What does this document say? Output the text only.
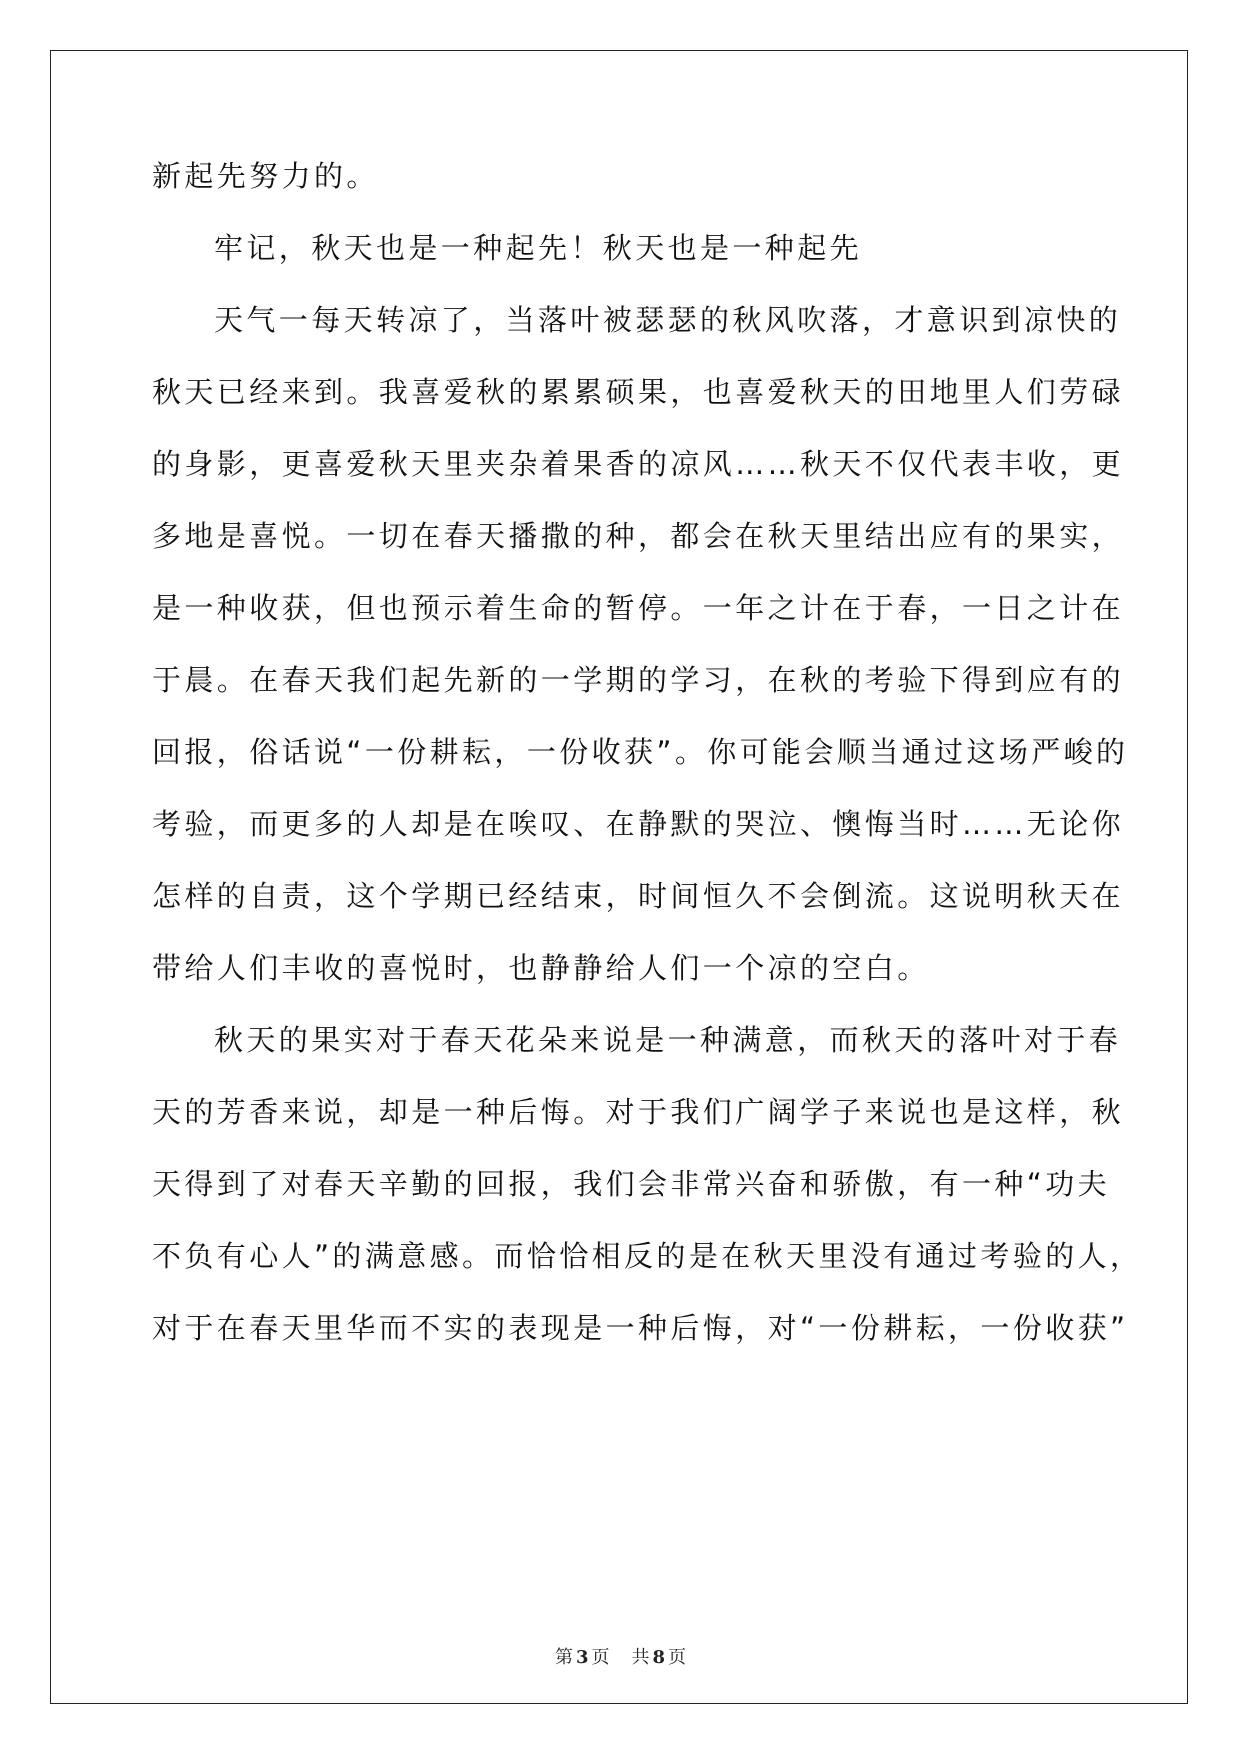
新起先努力的。
牢记，秋天也是一种起先！秋天也是一种起先
天气一每天转凉了，当落叶被瑟瑟的秋风吹落，才意识到凉快的
秋天已经来到。我喜爱秋的累累硕果，也喜爱秋天的田地里人们劳碌
的身影，更喜爱秋天里夹杂着果香的凉风……秋天不仅代表丰收，更
多地是喜悦。一切在春天播撒的种，都会在秋天里结出应有的果实，
是一种收获，但也预示着生命的暂停。一年之计在于春，一日之计在
于晨。在春天我们起先新的一学期的学习，在秋的考验下得到应有的
回报，俗话说“一份耕耘，一份收获”。你可能会顺当通过这场严峻的
考验，而更多的人却是在唉叹、在静默的哭泣、懊悔当时……无论你
怎样的自责，这个学期已经结束，时间恒久不会倒流。这说明秋天在
带给人们丰收的喜悦时，也静静给人们一个凉的空白。
秋天的果实对于春天花朵来说是一种满意，而秋天的落叶对于春
天的芳香来说，却是一种后悔。对于我们广阔学子来说也是这样，秋
天得到了对春天辛勤的回报，我们会非常兴奋和骄傲，有一种“功夫
不负有心人”的满意感。而恰恰相反的是在秋天里没有通过考验的人，
对于在春天里华而不实的表现是一种后悔，对“一份耕耘，一份收获”
第 3 页 共 8 页
